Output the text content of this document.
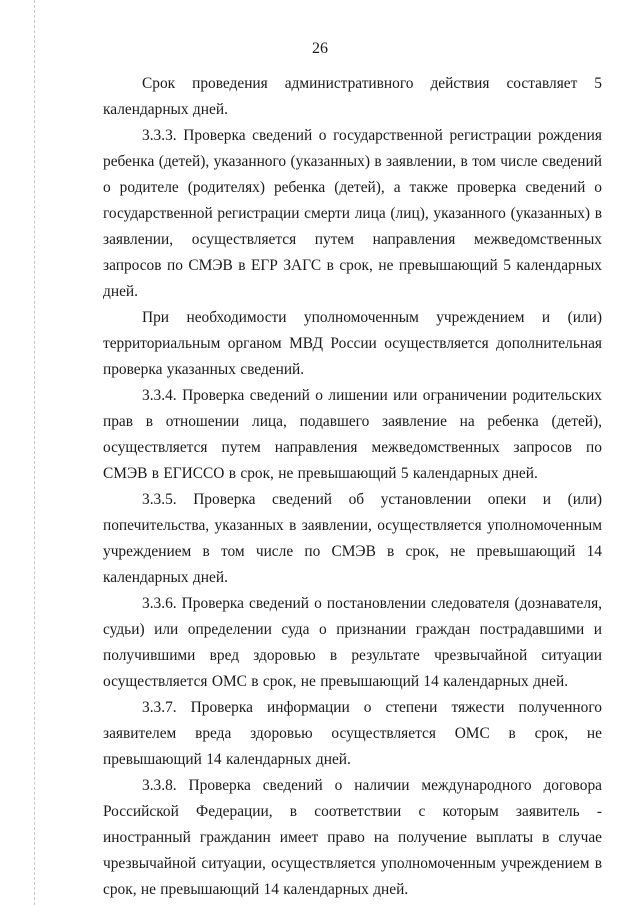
26

Срок проведения административного действия составляет 5 календарных дней.

3.3.3. Проверка сведений о государственной регистрации рождения ребенка (детей), указанного (указанных) в заявлении, в том числе сведений о родителе (родителях) ребенка (детей), а также проверка сведений о государственной регистрации смерти лица (лиц), указанного (указанных) в заявлении, осуществляется путем направления межведомственных запросов по СМЭВ в ЕГР ЗАГС в срок, не превышающий 5 календарных дней.

При необходимости уполномоченным учреждением и (или) территориальным органом МВД России осуществляется дополнительная проверка указанных сведений.

3.3.4. Проверка сведений о лишении или ограничении родительских прав в отношении лица, подавшего заявление на ребенка (детей), осуществляется путем направления межведомственных запросов по СМЭВ в ЕГИССО в срок, не превышающий 5 календарных дней.

3.3.5. Проверка сведений об установлении опеки и (или) попечительства, указанных в заявлении, осуществляется уполномоченным учреждением в том числе по СМЭВ в срок, не превышающий 14 календарных дней.

3.3.6. Проверка сведений о постановлении следователя (дознавателя, судьи) или определении суда о признании граждан пострадавшими и получившими вред здоровью в результате чрезвычайной ситуации осуществляется ОМС в срок, не превышающий 14 календарных дней.

3.3.7. Проверка информации о степени тяжести полученного заявителем вреда здоровью осуществляется ОМС в срок, не превышающий 14 календарных дней.

3.3.8. Проверка сведений о наличии международного договора Российской Федерации, в соответствии с которым заявитель - иностранный гражданин имеет право на получение выплаты в случае чрезвычайной ситуации, осуществляется уполномоченным учреждением в срок, не превышающий 14 календарных дней.
